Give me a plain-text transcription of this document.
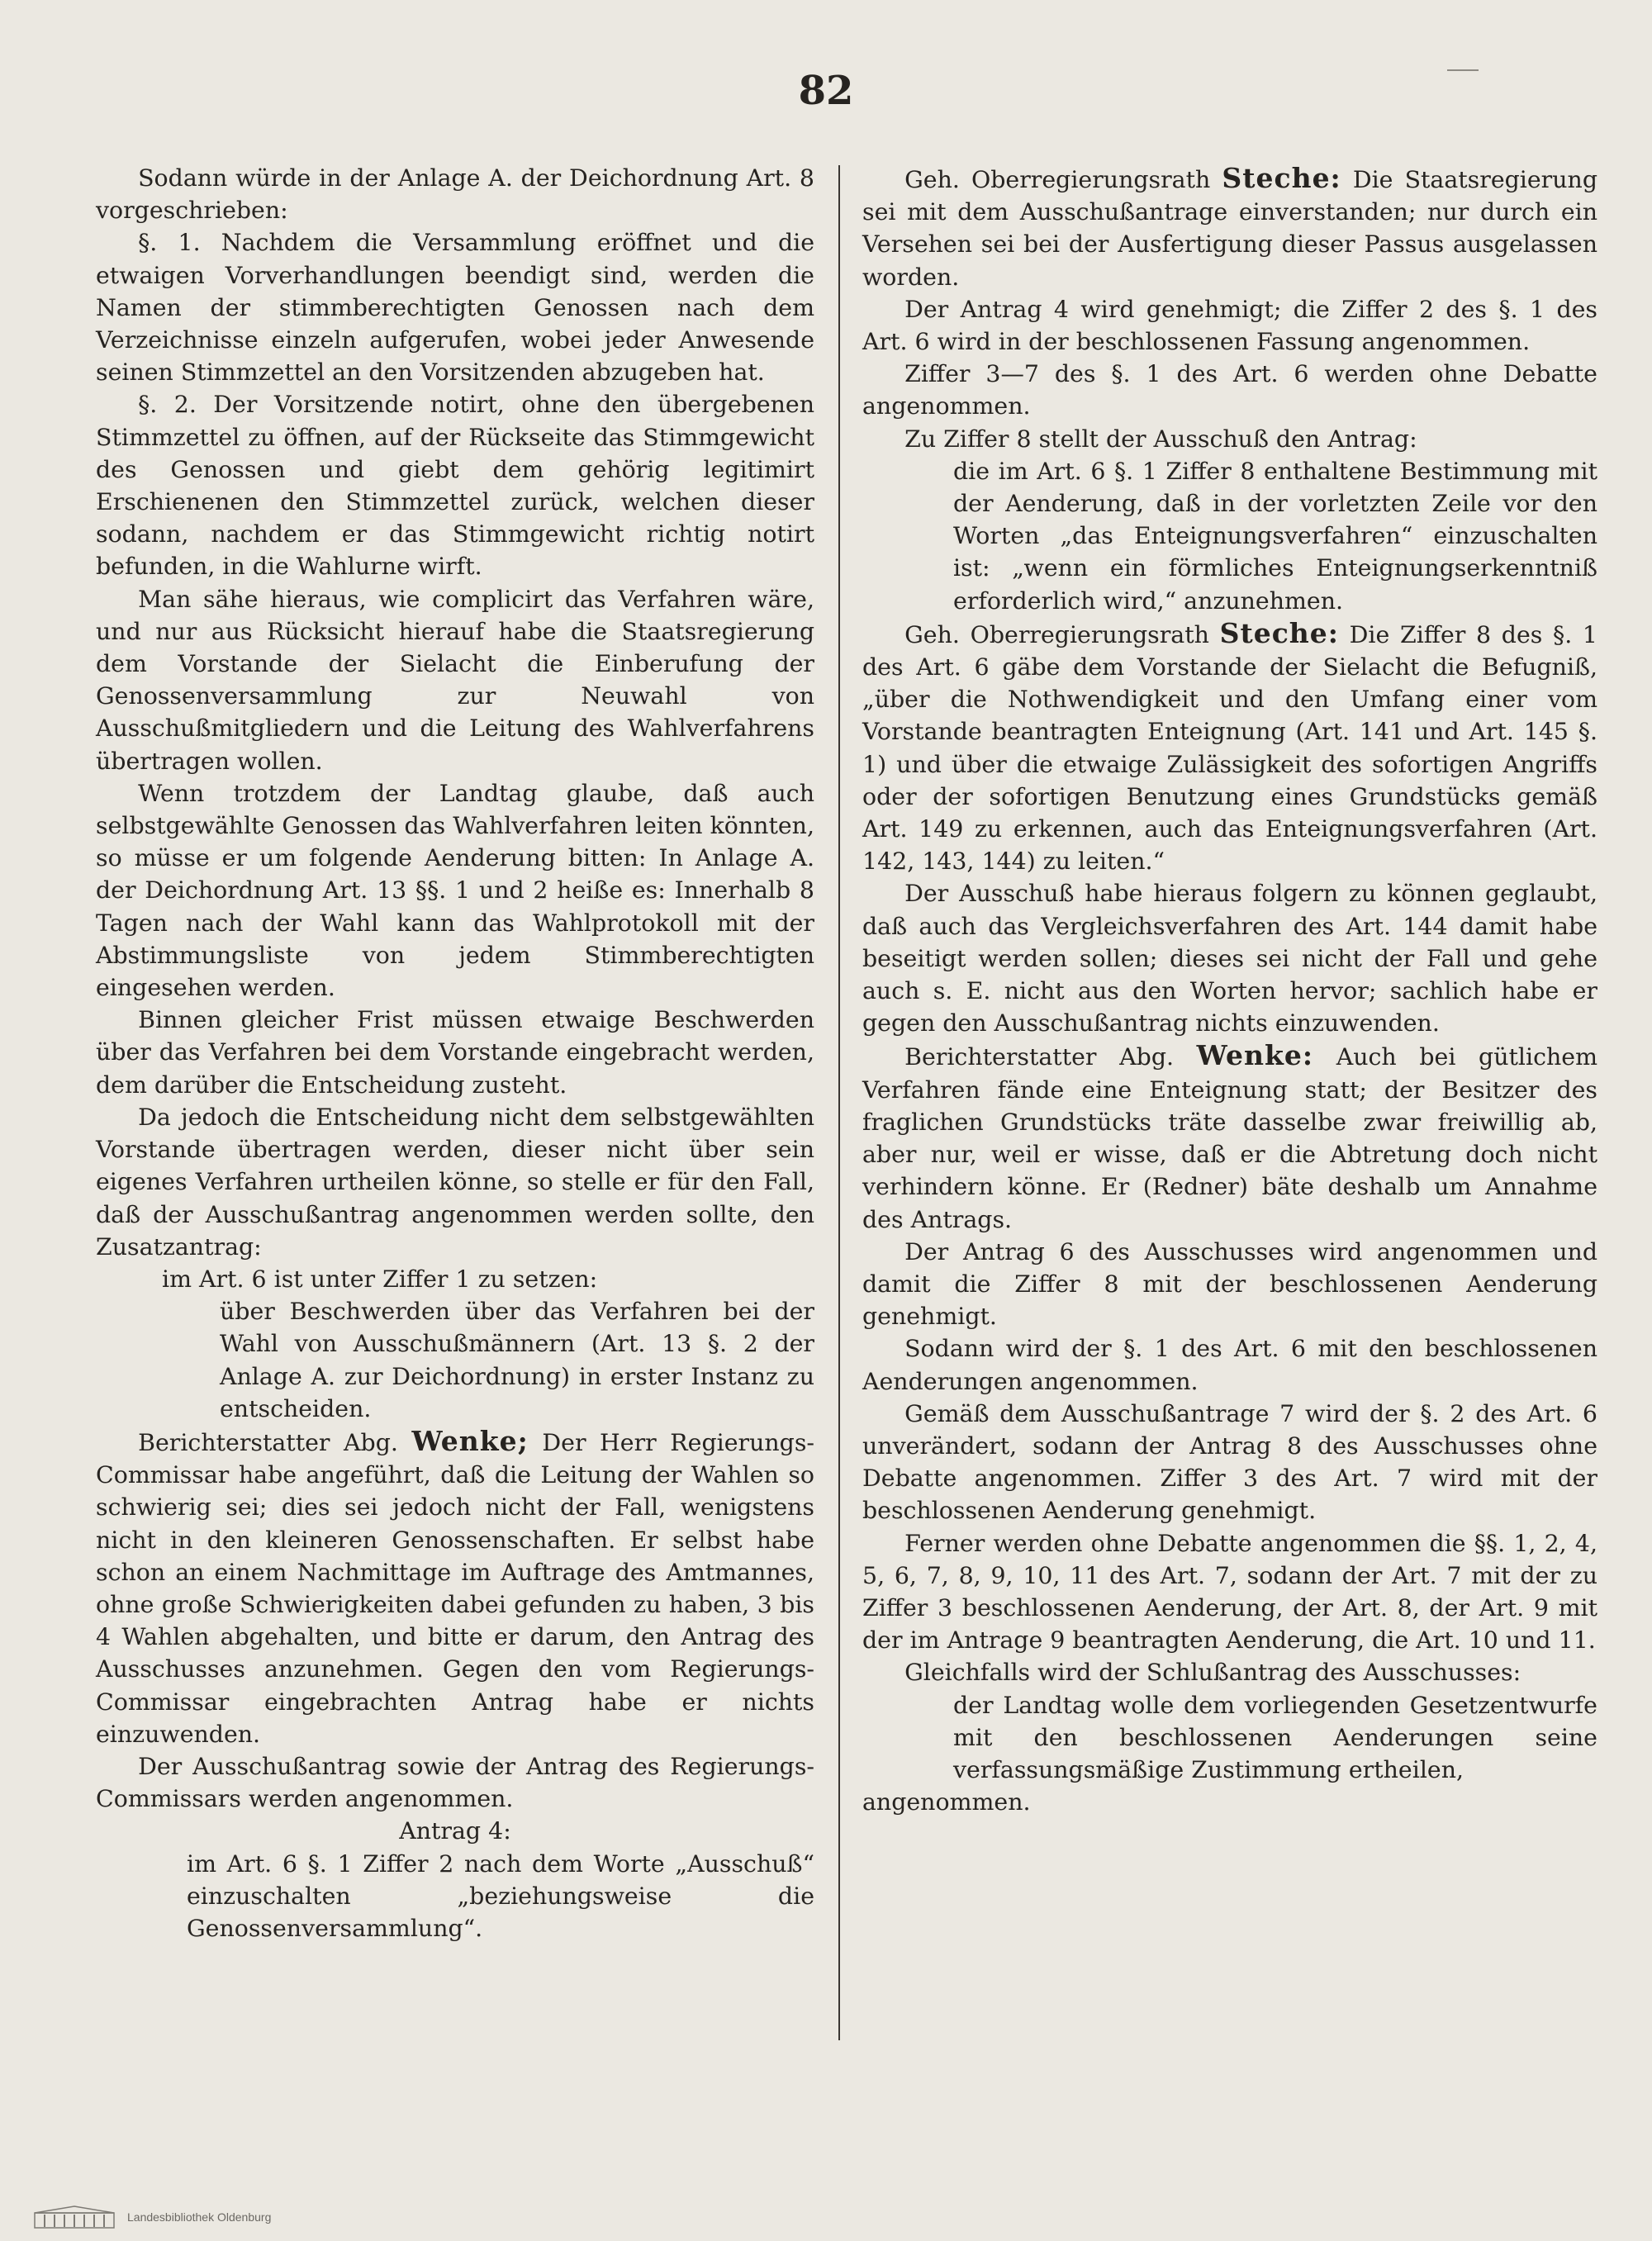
82

Sodann würde in der Anlage A. der Deichordnung Art. 8 vorgeschrieben:

§. 1. Nachdem die Versammlung eröffnet und die etwaigen Vorverhandlungen beendigt sind, werden die Namen der stimmberechtigten Genossen nach dem Verzeichnisse einzeln aufgerufen, wobei jeder Anwesende seinen Stimmzettel an den Vorsitzenden abzugeben hat.

§. 2. Der Vorsitzende notirt, ohne den übergebenen Stimmzettel zu öffnen, auf der Rückseite das Stimmgewicht des Genossen und giebt dem gehörig legitimirt Erschienenen den Stimmzettel zurück, welchen dieser sodann, nachdem er das Stimmgewicht richtig notirt befunden, in die Wahlurne wirft.

Man sähe hieraus, wie complicirt das Verfahren wäre, und nur aus Rücksicht hierauf habe die Staatsregierung dem Vorstande der Sielacht die Einberufung der Genossenversammlung zur Neuwahl von Ausschußmitgliedern und die Leitung des Wahlverfahrens übertragen wollen.

Wenn trotzdem der Landtag glaube, daß auch selbstgewählte Genossen das Wahlverfahren leiten könnten, so müsse er um folgende Aenderung bitten: In Anlage A. der Deichordnung Art. 13 §§. 1 und 2 heiße es: Innerhalb 8 Tagen nach der Wahl kann das Wahlprotokoll mit der Abstimmungsliste von jedem Stimmberechtigten eingesehen werden.

Binnen gleicher Frist müssen etwaige Beschwerden über das Verfahren bei dem Vorstande eingebracht werden, dem darüber die Entscheidung zusteht.

Da jedoch die Entscheidung nicht dem selbstgewählten Vorstande übertragen werden, dieser nicht über sein eigenes Verfahren urtheilen könne, so stelle er für den Fall, daß der Ausschußantrag angenommen werden sollte, den Zusatzantrag:

im Art. 6 ist unter Ziffer 1 zu setzen:

über Beschwerden über das Verfahren bei der Wahl von Ausschußmännern (Art. 13 §. 2 der Anlage A. zur Deichordnung) in erster Instanz zu entscheiden.

Berichterstatter Abg. Wenke; Der Herr Regierungs-Commissar habe angeführt, daß die Leitung der Wahlen so schwierig sei; dies sei jedoch nicht der Fall, wenigstens nicht in den kleineren Genossenschaften. Er selbst habe schon an einem Nachmittage im Auftrage des Amtmannes, ohne große Schwierigkeiten dabei gefunden zu haben, 3 bis 4 Wahlen abgehalten, und bitte er darum, den Antrag des Ausschusses anzunehmen. Gegen den vom Regierungs-Commissar eingebrachten Antrag habe er nichts einzuwenden.

Der Ausschußantrag sowie der Antrag des Regierungs-Commissars werden angenommen.

Antrag 4:

im Art. 6 §. 1 Ziffer 2 nach dem Worte „Ausschuß“ einzuschalten „beziehungsweise die Genossenversammlung“.

Geh. Oberregierungsrath Steche: Die Staatsregierung sei mit dem Ausschußantrage einverstanden; nur durch ein Versehen sei bei der Ausfertigung dieser Passus ausgelassen worden.

Der Antrag 4 wird genehmigt; die Ziffer 2 des §. 1 des Art. 6 wird in der beschlossenen Fassung angenommen.

Ziffer 3—7 des §. 1 des Art. 6 werden ohne Debatte angenommen.

Zu Ziffer 8 stellt der Ausschuß den Antrag:

die im Art. 6 §. 1 Ziffer 8 enthaltene Bestimmung mit der Aenderung, daß in der vorletzten Zeile vor den Worten „das Enteignungsverfahren“ einzuschalten ist: „wenn ein förmliches Enteignungserkenntniß erforderlich wird,“ anzunehmen.

Geh. Oberregierungsrath Steche: Die Ziffer 8 des §. 1 des Art. 6 gäbe dem Vorstande der Sielacht die Befugniß, „über die Nothwendigkeit und den Umfang einer vom Vorstande beantragten Enteignung (Art. 141 und Art. 145 §. 1) und über die etwaige Zulässigkeit des sofortigen Angriffs oder der sofortigen Benutzung eines Grundstücks gemäß Art. 149 zu erkennen, auch das Enteignungsverfahren (Art. 142, 143, 144) zu leiten.“

Der Ausschuß habe hieraus folgern zu können geglaubt, daß auch das Vergleichsverfahren des Art. 144 damit habe beseitigt werden sollen; dieses sei nicht der Fall und gehe auch s. E. nicht aus den Worten hervor; sachlich habe er gegen den Ausschußantrag nichts einzuwenden.

Berichterstatter Abg. Wenke: Auch bei gütlichem Verfahren fände eine Enteignung statt; der Besitzer des fraglichen Grundstücks träte dasselbe zwar freiwillig ab, aber nur, weil er wisse, daß er die Abtretung doch nicht verhindern könne. Er (Redner) bäte deshalb um Annahme des Antrags.

Der Antrag 6 des Ausschusses wird angenommen und damit die Ziffer 8 mit der beschlossenen Aenderung genehmigt.

Sodann wird der §. 1 des Art. 6 mit den beschlossenen Aenderungen angenommen.

Gemäß dem Ausschußantrage 7 wird der §. 2 des Art. 6 unverändert, sodann der Antrag 8 des Ausschusses ohne Debatte angenommen. Ziffer 3 des Art. 7 wird mit der beschlossenen Aenderung genehmigt.

Ferner werden ohne Debatte angenommen die §§. 1, 2, 4, 5, 6, 7, 8, 9, 10, 11 des Art. 7, sodann der Art. 7 mit der zu Ziffer 3 beschlossenen Aenderung, der Art. 8, der Art. 9 mit der im Antrage 9 beantragten Aenderung, die Art. 10 und 11.

Gleichfalls wird der Schlußantrag des Ausschusses:

der Landtag wolle dem vorliegenden Gesetzentwurfe mit den beschlossenen Aenderungen seine verfassungsmäßige Zustimmung ertheilen,

angenommen.

Landesbibliothek Oldenburg
